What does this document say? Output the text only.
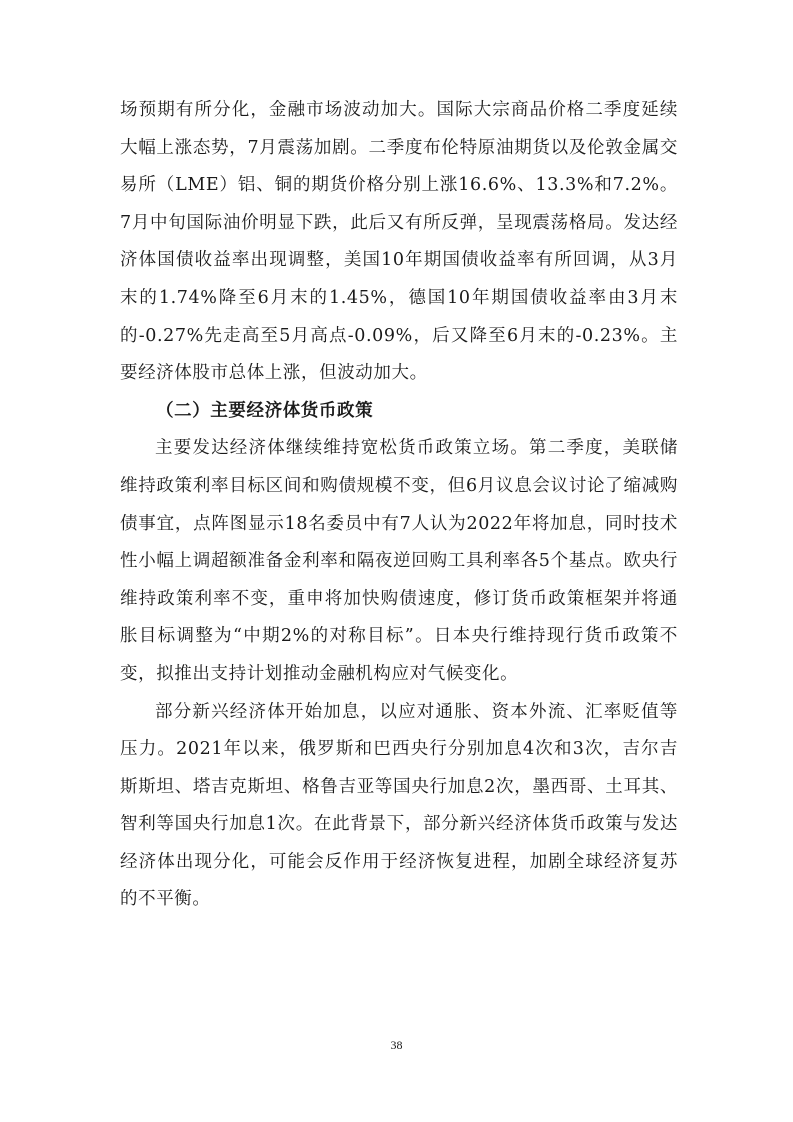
场预期有所分化，金融市场波动加大。国际大宗商品价格二季度延续大幅上涨态势，7月震荡加剧。二季度布伦特原油期货以及伦敦金属交易所（LME）铝、铜的期货价格分别上涨16.6%、13.3%和7.2%。7月中旬国际油价明显下跌，此后又有所反弹，呈现震荡格局。发达经济体国债收益率出现调整，美国10年期国债收益率有所回调，从3月末的1.74%降至6月末的1.45%，德国10年期国债收益率由3月末的-0.27%先走高至5月高点-0.09%，后又降至6月末的-0.23%。主要经济体股市总体上涨，但波动加大。

（二）主要经济体货币政策

主要发达经济体继续维持宽松货币政策立场。第二季度，美联储维持政策利率目标区间和购债规模不变，但6月议息会议讨论了缩减购债事宜，点阵图显示18名委员中有7人认为2022年将加息，同时技术性小幅上调超额准备金利率和隔夜逆回购工具利率各5个基点。欧央行维持政策利率不变，重申将加快购债速度，修订货币政策框架并将通胀目标调整为“中期2%的对称目标”。日本央行维持现行货币政策不变，拟推出支持计划推动金融机构应对气候变化。

部分新兴经济体开始加息，以应对通胀、资本外流、汇率贬值等压力。2021年以来，俄罗斯和巴西央行分别加息4次和3次，吉尔吉斯斯坦、塔吉克斯坦、格鲁吉亚等国央行加息2次，墨西哥、土耳其、智利等国央行加息1次。在此背景下，部分新兴经济体货币政策与发达经济体出现分化，可能会反作用于经济恢复进程，加剧全球经济复苏的不平衡。

38
